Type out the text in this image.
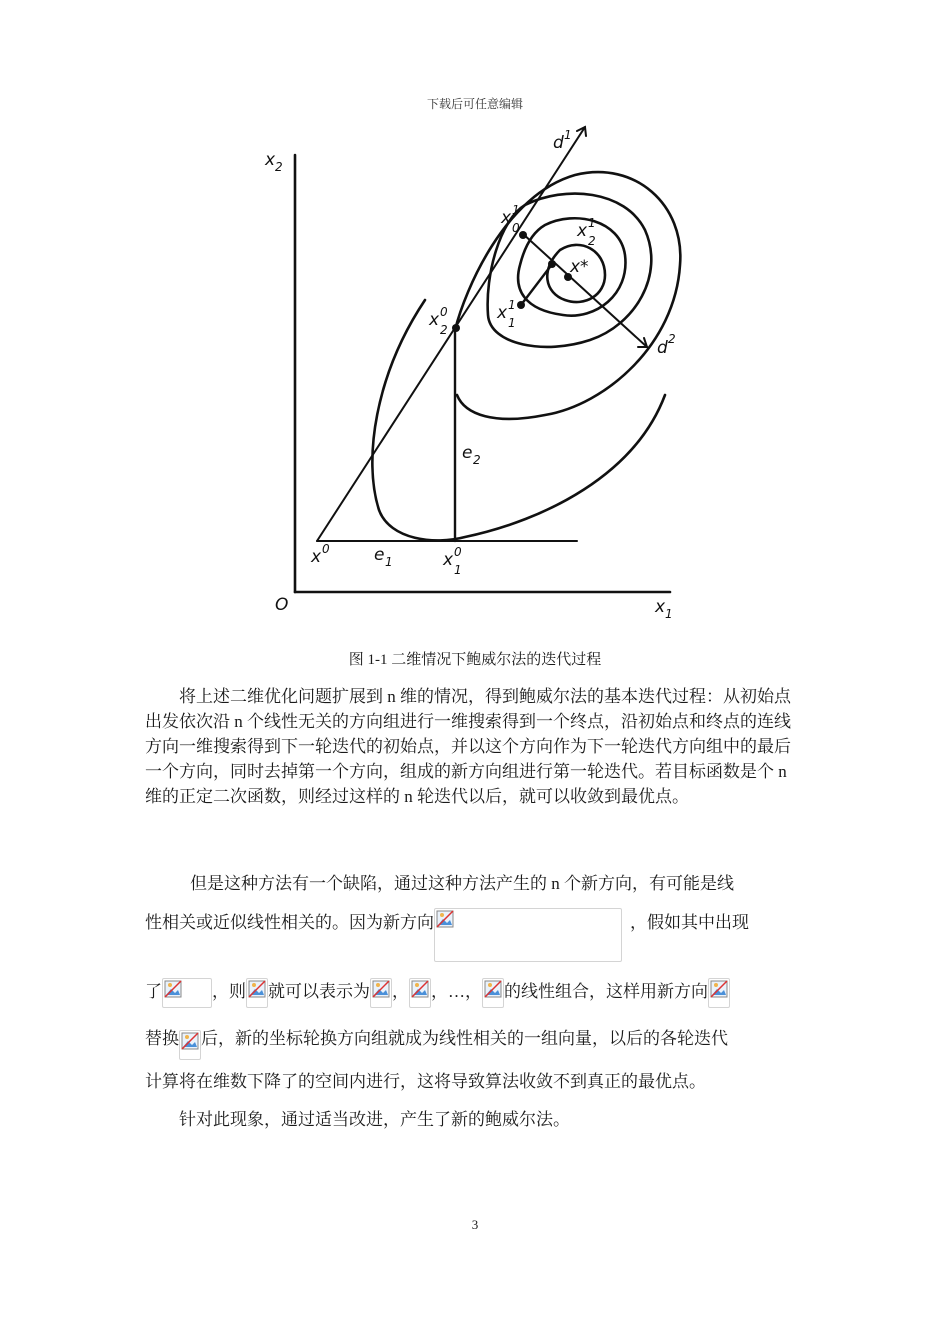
下载后可任意编辑
x 2
O	x 1
d 1
d 2
x 1
0	x 1
2
x*
x 1
1
x 0
2
e 2
x 0	e 1	x 0
1
图 1-1 二维情况下鲍威尔法的迭代过程
将上述二维优化问题扩展到 n 维的情况，得到鲍威尔法的基本迭代过程：从初始点出发依次沿 n 个线性无关的方向组进行一维搜索得到一个终点，沿初始点和终点的连线方向一维搜索得到下一轮迭代的初始点，并以这个方向作为下一轮迭代方向组中的最后一个方向，同时去掉第一个方向，组成的新方向组进行第一轮迭代。若目标函数是个 n 维的正定二次函数，则经过这样的 n 轮迭代以后，就可以收敛到最优点。
但是这种方法有一个缺陷，通过这种方法产生的 n 个新方向，有可能是线
性相关或近似线性相关的。因为新方向	，假如其中出现
了	，则 就可以表示为 ， ，…， 的线性组合，这样用新方向
替换 后，新的坐标轮换方向组就成为线性相关的一组向量，以后的各轮迭代
计算将在维数下降了的空间内进行，这将导致算法收敛不到真正的最优点。
针对此现象，通过适当改进，产生了新的鲍威尔法。
3
